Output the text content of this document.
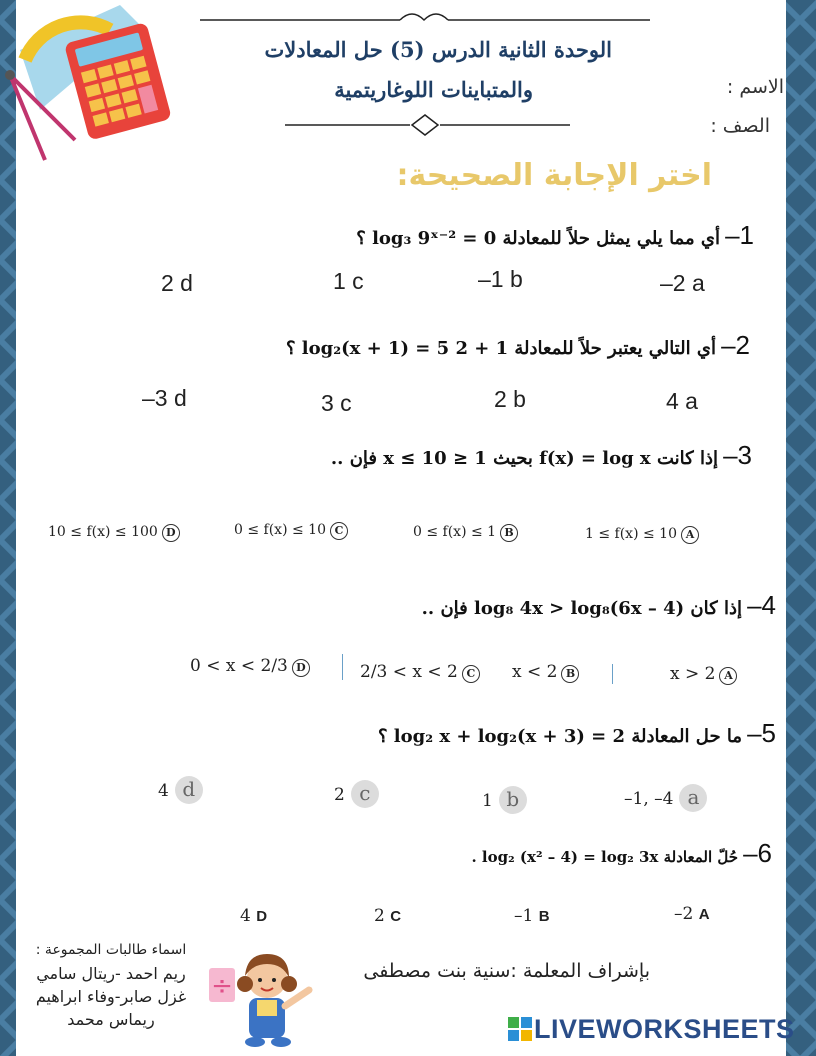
الوحدة الثانية الدرس (5) حل المعادلات
والمتباينات اللوغاريتمية	الاسم :
الصف :
اختر الإجابة الصحيحة:
1– أي مما يلي يمثل حلاً للمعادلة log₃ 9ˣ⁻² = 0 ؟
–2 a
–1 b
1 c
2 d
2– أي التالي يعتبر حلاً للمعادلة 1 + 2 log₂(x + 1) = 5 ؟
4 a
2 b
3 c
–3 d
3– إذا كانت f(x) = log x بحيث 1 ≤ x ≤ 10 فإن ..
1 ≤ f(x) ≤ 10 A
0 ≤ f(x) ≤ 1 B
0 ≤ f(x) ≤ 10 C
10 ≤ f(x) ≤ 100 D
4– إذا كان log₈ 4x > log₈(6x – 4) فإن ..
x > 2 A
x < 2 B
2/3 < x < 2 C
0 < x < 2/3 D
5– ما حل المعادلة log₂ x + log₂(x + 3) = 2 ؟
–1, –4 a
1 b
2 c
4 d
6– حُلّ المعادلة log₂ (x² – 4) = log₂ 3x .
–2 A
–1 B
2 C
4 D
بإشراف المعلمة :سنية بنت مصطفى
اسماء طالبات المجموعة :
ريم احمد -ريتال سامي
غزل صابر-وفاء ابراهيم
ريماس محمد
÷
LIVEWORKSHEETS
